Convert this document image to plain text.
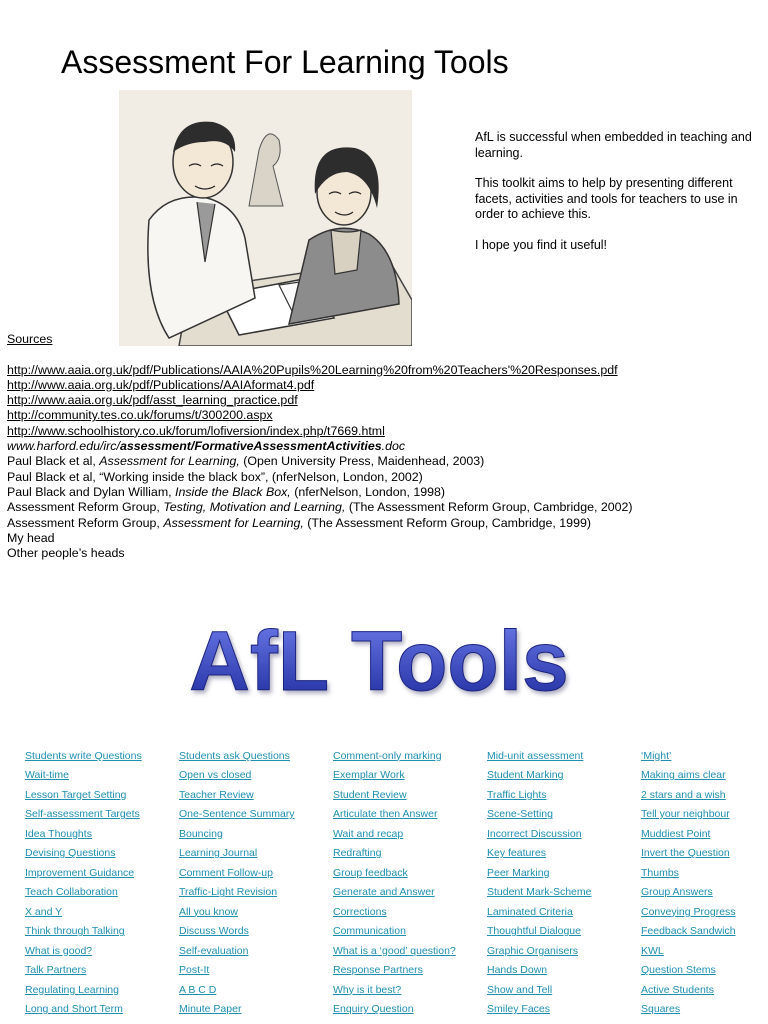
Assessment For Learning Tools

AfL is successful when embedded in teaching and learning.

This toolkit aims to help by presenting different facets, activities and tools for teachers to use in order to achieve this.

I hope you find it useful!

Sources
http://www.aaia.org.uk/pdf/Publications/AAIA%20Pupils%20Learning%20from%20Teachers'%20Responses.pdf
http://www.aaia.org.uk/pdf/Publications/AAIAformat4.pdf
http://www.aaia.org.uk/pdf/asst_learning_practice.pdf
http://community.tes.co.uk/forums/t/300200.aspx
http://www.schoolhistory.co.uk/forum/lofiversion/index.php/t7669.html
www.harford.edu/irc/assessment/FormativeAssessmentActivities.doc
Paul Black et al, Assessment for Learning, (Open University Press, Maidenhead, 2003)
Paul Black et al, “Working inside the black box”, (nferNelson, London, 2002)
Paul Black and Dylan William, Inside the Black Box, (nferNelson, London, 1998)
Assessment Reform Group, Testing, Motivation and Learning, (The Assessment Reform Group, Cambridge, 2002)
Assessment Reform Group, Assessment for Learning, (The Assessment Reform Group, Cambridge, 1999)
My head
Other people’s heads
AfL Tools
Students write Questions	Students ask Questions	Comment-only marking	Mid-unit assessment	‘Might’
Wait-time	Open vs closed	Exemplar Work	Student Marking	Making aims clear
Lesson Target Setting	Teacher Review	Student Review	Traffic Lights	2 stars and a wish
Self-assessment Targets	One-Sentence Summary	Articulate then Answer	Scene-Setting	Tell your neighbour
Idea Thoughts	Bouncing	Wait and recap	Incorrect Discussion	Muddiest Point
Devising Questions	Learning Journal	Redrafting	Key features	Invert the Question
Improvement Guidance	Comment Follow-up	Group feedback	Peer Marking	Thumbs
Teach Collaboration	Traffic-Light Revision	Generate and Answer	Student Mark-Scheme	Group Answers
X and Y	All you know	Corrections	Laminated Criteria	Conveying Progress
Think through Talking	Discuss Words	Communication	Thoughtful Dialogue	Feedback Sandwich
What is good?	Self-evaluation	What is a ‘good’ question?	Graphic Organisers	KWL
Talk Partners	Post-It	Response Partners	Hands Down	Question Stems
Regulating Learning	A B C D	Why is it best?	Show and Tell	Active Students
Long and Short Term	Minute Paper	Enquiry Question	Smiley Faces	Squares
